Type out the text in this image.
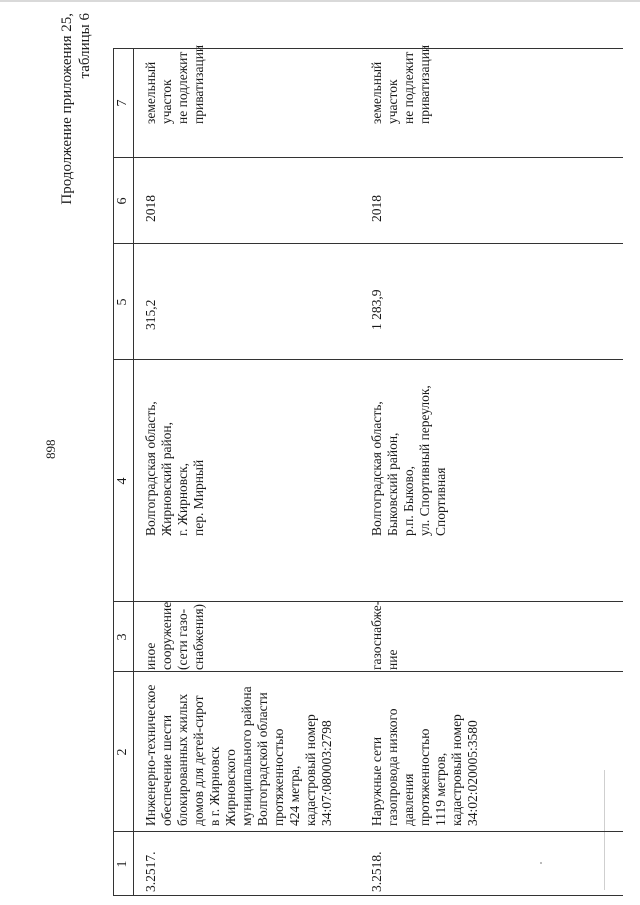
898
Продолжение приложения 25, таблицы 6
1
2
3
4
5
6
7
3.2517.
Инженерно-техническое обеспечение шести блокированных жилых домов для детей-сирот в г. Жирновск Жирновского муниципального района Волгоградской области протяженностью 424 метра, кадастровый номер 34:07:080003:2798
иное сооружение (сети газо- снабжения)
Волгоградская область, Жирновский район, г. Жирновск, пер. Мирный
315,2
2018
земельный участок не подлежит приватизации
3.2518.
Наружные сети газопровода низкого давления протяженностью 1119 метров, кадастровый номер 34:02:020005:3580
газоснабже- ние
Волгоградская область, Быковский район, р.п. Быково, ул. Спортивный переулок, Спортивная
1 283,9
2018
земельный участок не подлежит приватизации
